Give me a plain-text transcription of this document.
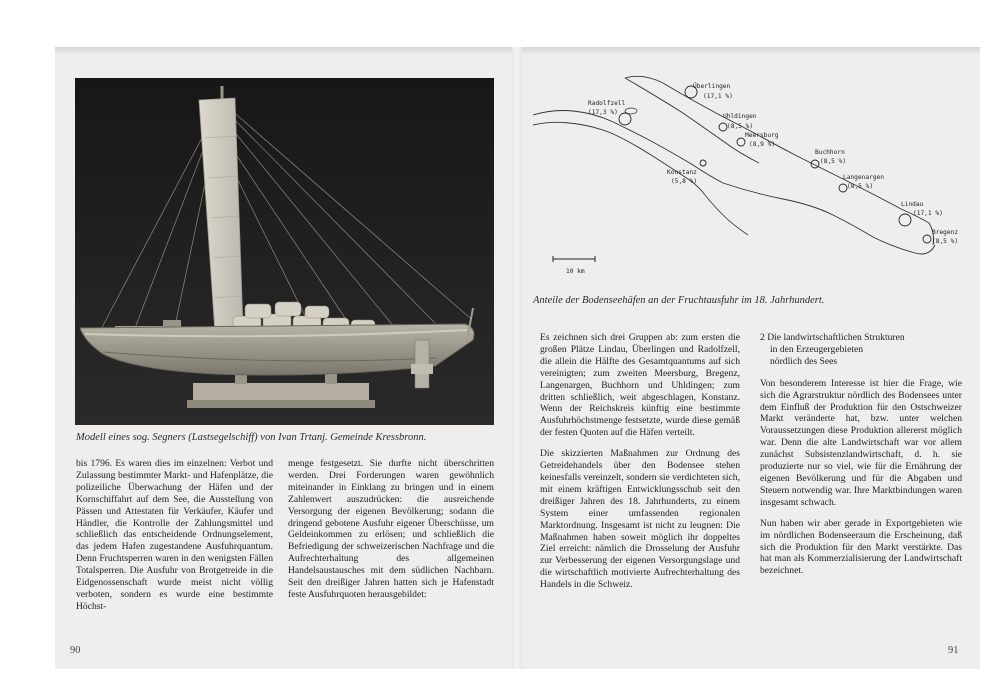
Modell eines sog. Segners (Lastsegelschiff) von Ivan Trtanj. Gemeinde Kressbronn.

bis 1796. Es waren dies im einzelnen: Verbot und Zulassung bestimmter Markt- und Hafenplätze, die polizeiliche Überwachung der Häfen und der Kornschiffahrt auf dem See, die Ausstellung von Pässen und Attestaten für Verkäufer, Käufer und Händler, die Kontrolle der Zahlungsmittel und schließlich das entscheidende Ordnungselement, das jedem Hafen zugestandene Ausfuhrquantum. Denn Fruchtsperren waren in den wenigsten Fällen Totalsperren. Die Ausfuhr von Brotgetreide in die Eidgenossenschaft wurde meist nicht völlig verboten, sondern es wurde eine bestimmte Höchst-

menge festgesetzt. Sie durfte nicht überschritten werden. Drei Forderungen waren gewöhnlich miteinander in Einklang zu bringen und in einem Zahlenwert auszudrücken: die ausreichende Versorgung der eigenen Bevölkerung; sodann die dringend gebotene Ausfuhr eigener Überschüsse, um Geldeinkommen zu erlösen; und schließlich die Befriedigung der schweizerischen Nachfrage und die Aufrechterhaltung des allgemeinen Handelsaustausches mit dem südlichen Nachbarn. Seit den dreißiger Jahren hatten sich je Hafenstadt feste Ausfuhrquoten herausgebildet:

90
Überlingen
(17,1 %)
Radolfzell
(17,3 %)
Uhldingen
(8,5 %)
Meersburg
(8,9 %)
Buchhorn
(8,5 %)
Konstanz
(5,8 %)
Langenargen
(8,5 %)
Lindau
(17,1 %)
Bregenz
(8,5 %)
10 km
Anteile der Bodenseehäfen an der Fruchtausfuhr im 18. Jahrhundert.

Es zeichnen sich drei Gruppen ab: zum ersten die großen Plätze Lindau, Überlingen und Radolfzell, die allein die Hälfte des Gesamtquantums auf sich vereinigten; zum zweiten Meersburg, Bregenz, Langenargen, Buchhorn und Uhldingen; zum dritten schließlich, weit abgeschlagen, Konstanz. Wenn der Reichskreis künftig eine bestimmte Ausfuhrhöchstmenge festsetzte, wurde diese gemäß der festen Quoten auf die Häfen verteilt.

Die skizzierten Maßnahmen zur Ordnung des Getreidehandels über den Bodensee stehen keinesfalls vereinzelt, sondern sie verdichteten sich, mit einem kräftigen Entwicklungsschub seit den dreißiger Jahren des 18. Jahrhunderts, zu einem System einer umfassenden regionalen Marktordnung. Insgesamt ist nicht zu leugnen: Die Maßnahmen haben soweit möglich ihr doppeltes Ziel erreicht: nämlich die Drosselung der Ausfuhr zur Verbesserung der eigenen Versorgungslage und die wirtschaftlich motivierte Aufrechterhaltung des Handels in die Schweiz.

2 Die landwirtschaftlichen Strukturen

in den Erzeugergebieten

nördlich des Sees

Von besonderem Interesse ist hier die Frage, wie sich die Agrarstruktur nördlich des Bodensees unter dem Einfluß der Produktion für den Ostschweizer Markt veränderte hat, bzw. unter welchen Voraussetzungen diese Produktion allererst möglich war. Denn die alte Landwirtschaft war vor allem zunächst Subsistenzlandwirtschaft, d. h. sie produzierte nur so viel, wie für die Ernährung der eigenen Bevölkerung und für die Abgaben und Steuern notwendig war. Ihre Marktbindungen waren insgesamt schwach.

Nun haben wir aber gerade in Exportgebieten wie im nördlichen Bodenseeraum die Erscheinung, daß sich die Produktion für den Markt verstärkte. Das hat man als Kommerzialisierung der Landwirtschaft bezeichnet.

91
